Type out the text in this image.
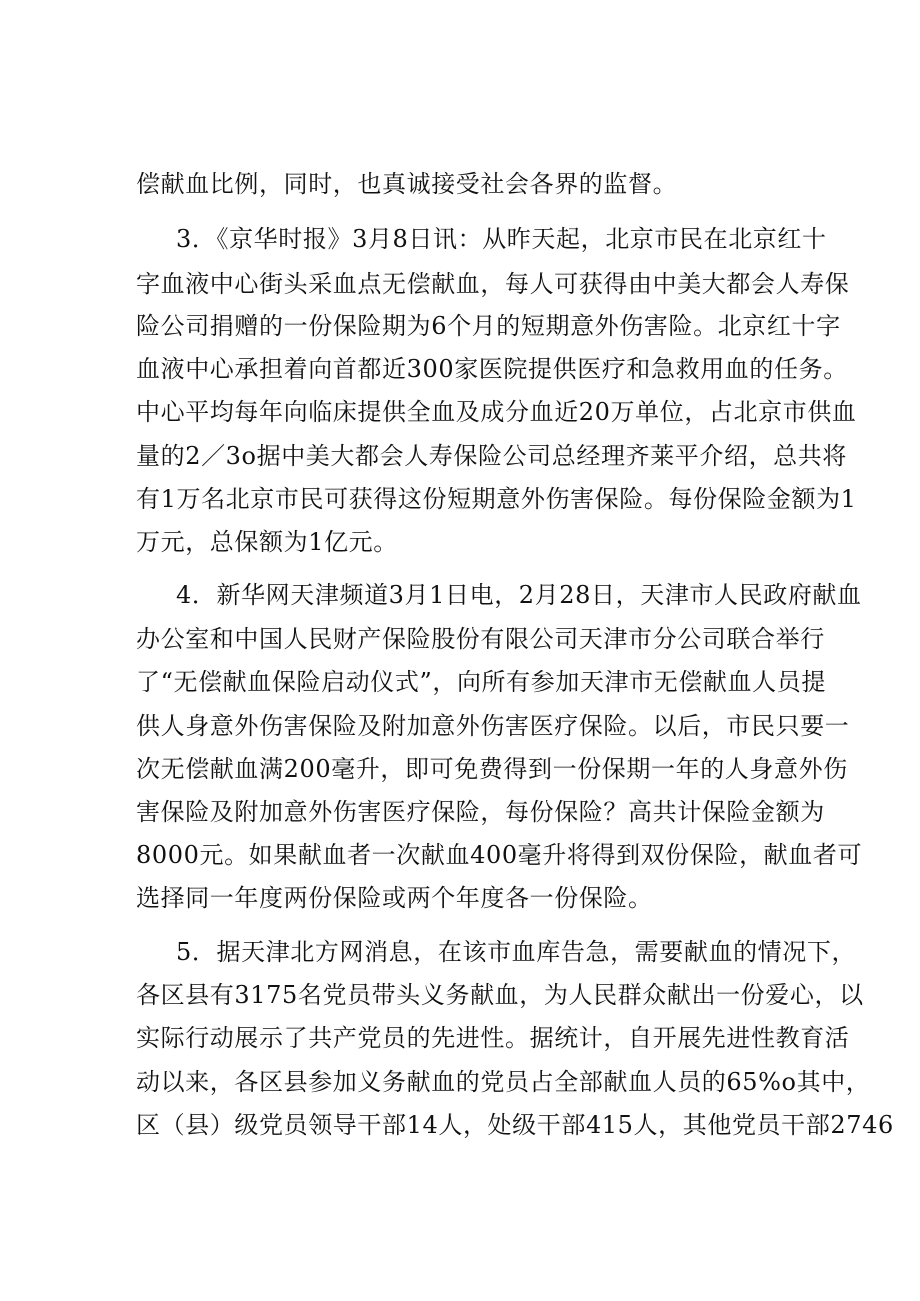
偿献血比例，同时，也真诚接受社会各界的监督。
3．《京华时报》3月8日讯：从昨天起，北京市民在北京红十
字血液中心街头采血点无偿献血，每人可获得由中美大都会人寿保
险公司捐赠的一份保险期为6个月的短期意外伤害险。北京红十字
血液中心承担着向首都近300家医院提供医疗和急救用血的任务。
中心平均每年向临床提供全血及成分血近20万单位，占北京市供血
量的2／3o据中美大都会人寿保险公司总经理齐莱平介绍，总共将
有1万名北京市民可获得这份短期意外伤害保险。每份保险金额为1
万元，总保额为1亿元。
4．新华网天津频道3月1日电，2月28日，天津市人民政府献血
办公室和中国人民财产保险股份有限公司天津市分公司联合举行
了“无偿献血保险启动仪式”，向所有参加天津市无偿献血人员提
供人身意外伤害保险及附加意外伤害医疗保险。以后，市民只要一
次无偿献血满200毫升，即可免费得到一份保期一年的人身意外伤
害保险及附加意外伤害医疗保险，每份保险？高共计保险金额为
8000元。如果献血者一次献血400毫升将得到双份保险，献血者可
选择同一年度两份保险或两个年度各一份保险。
5．据天津北方网消息，在该市血库告急，需要献血的情况下，
各区县有3175名党员带头义务献血，为人民群众献出一份爱心，以
实际行动展示了共产党员的先进性。据统计，自开展先进性教育活
动以来，各区县参加义务献血的党员占全部献血人员的65%o其中，
区（县）级党员领导干部14人，处级干部415人，其他党员干部2746
